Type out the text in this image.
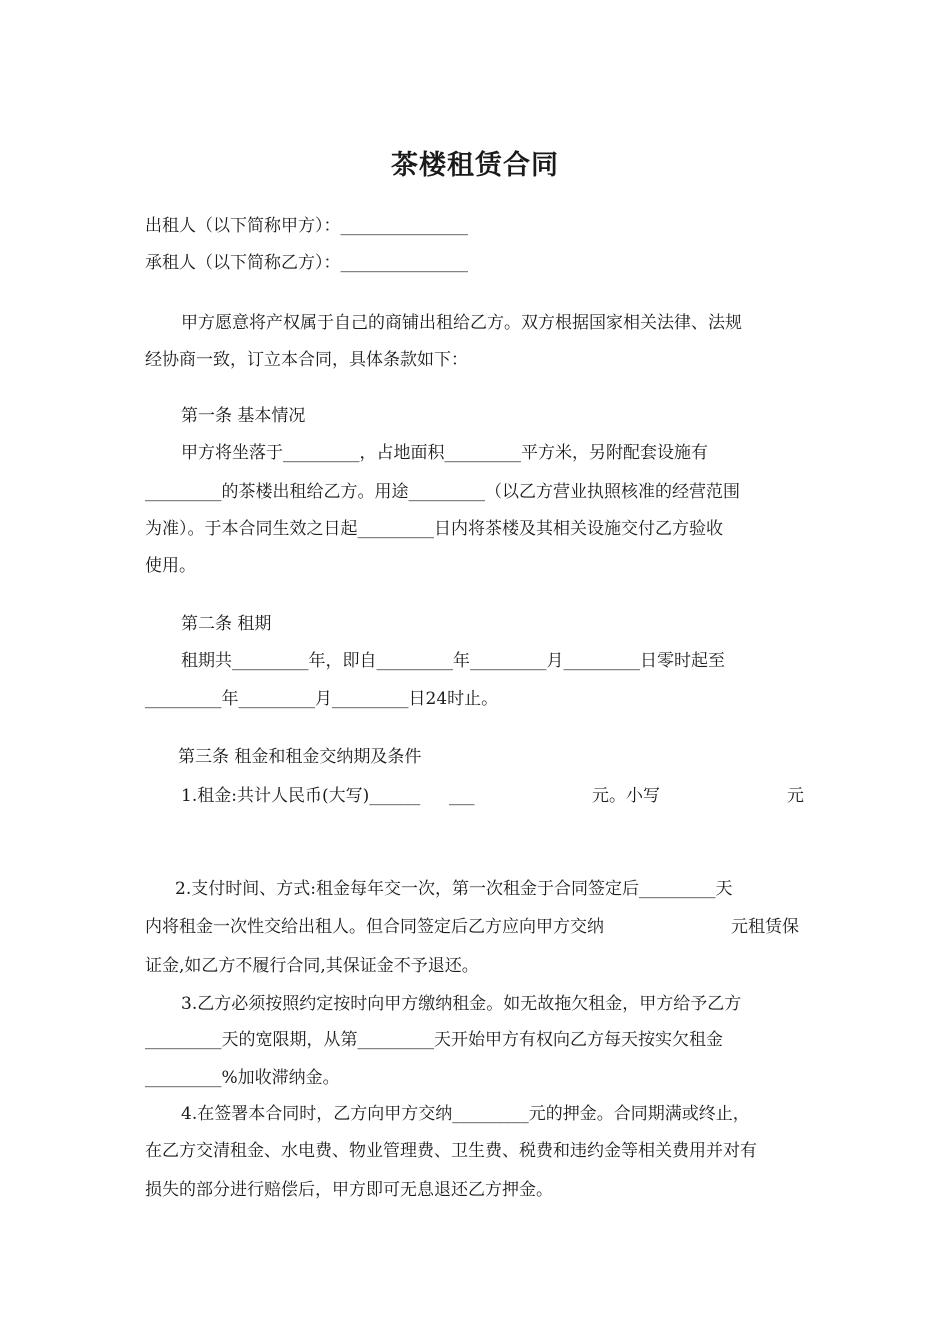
茶楼租赁合同
出租人（以下简称甲方）：_______________
承租人（以下简称乙方）：_______________
甲方愿意将产权属于自己的商铺出租给乙方。双方根据国家相关法律、法规
经协商一致，订立本合同，具体条款如下：
第一条 基本情况
甲方将坐落于_________，占地面积_________平方米，另附配套设施有
_________的茶楼出租给乙方。用途_________（以乙方营业执照核准的经营范围
为准）。于本合同生效之日起_________日内将茶楼及其相关设施交付乙方验收
使用。
第二条 租期
租期共_________年，即自_________年_________月_________日零时起至
_________年_________月_________日24时止。
第三条 租金和租金交纳期及条件
1.租金:共计人民币(大写)______ ___	元。小写	元
2.支付时间、方式:租金每年交一次，第一次租金于合同签定后_________天
内将租金一次性交给出租人。但合同签定后乙方应向甲方交纳	元租赁保
证金,如乙方不履行合同,其保证金不予退还。
3.乙方必须按照约定按时向甲方缴纳租金。如无故拖欠租金，甲方给予乙方
_________天的宽限期，从第_________天开始甲方有权向乙方每天按实欠租金
_________%加收滞纳金。
4.在签署本合同时，乙方向甲方交纳_________元的押金。合同期满或终止，
在乙方交清租金、水电费、物业管理费、卫生费、税费和违约金等相关费用并对有
损失的部分进行赔偿后，甲方即可无息退还乙方押金。
